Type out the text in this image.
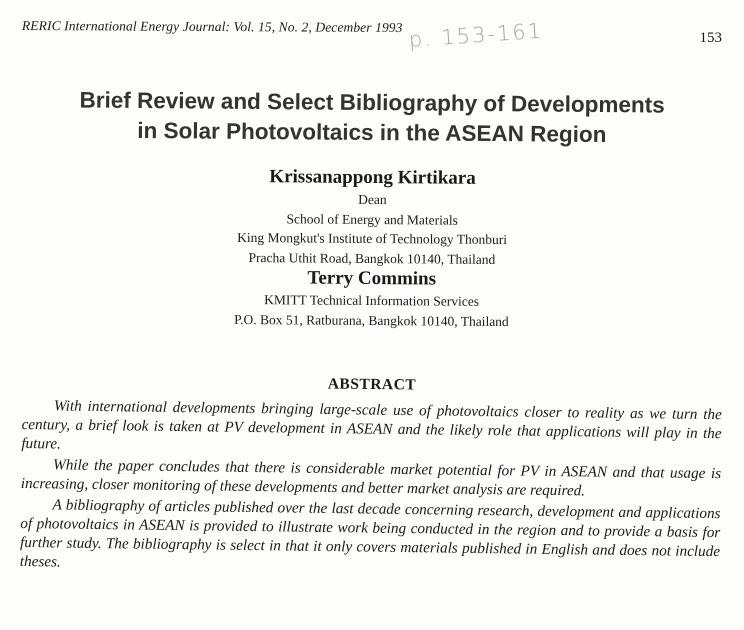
RERIC International Energy Journal: Vol. 15, No. 2, December 1993
153
p. 153-161
Brief Review and Select Bibliography of Developments
in Solar Photovoltaics in the ASEAN Region
Krissanappong Kirtikara
Dean
School of Energy and Materials
King Mongkut's Institute of Technology Thonburi
Pracha Uthit Road, Bangkok 10140, Thailand
Terry Commins
KMITT Technical Information Services
P.O. Box 51, Ratburana, Bangkok 10140, Thailand
ABSTRACT

With international developments bringing large-scale use of photovoltaics closer to reality as we turn the century, a brief look is taken at PV development in ASEAN and the likely role that applications will play in the future.

While the paper concludes that there is considerable market potential for PV in ASEAN and that usage is increasing, closer monitoring of these developments and better market analysis are required.

A bibliography of articles published over the last decade concerning research, development and applications of photovoltaics in ASEAN is provided to illustrate work being conducted in the region and to provide a basis for further study. The bibliography is select in that it only covers materials published in English and does not include theses.
